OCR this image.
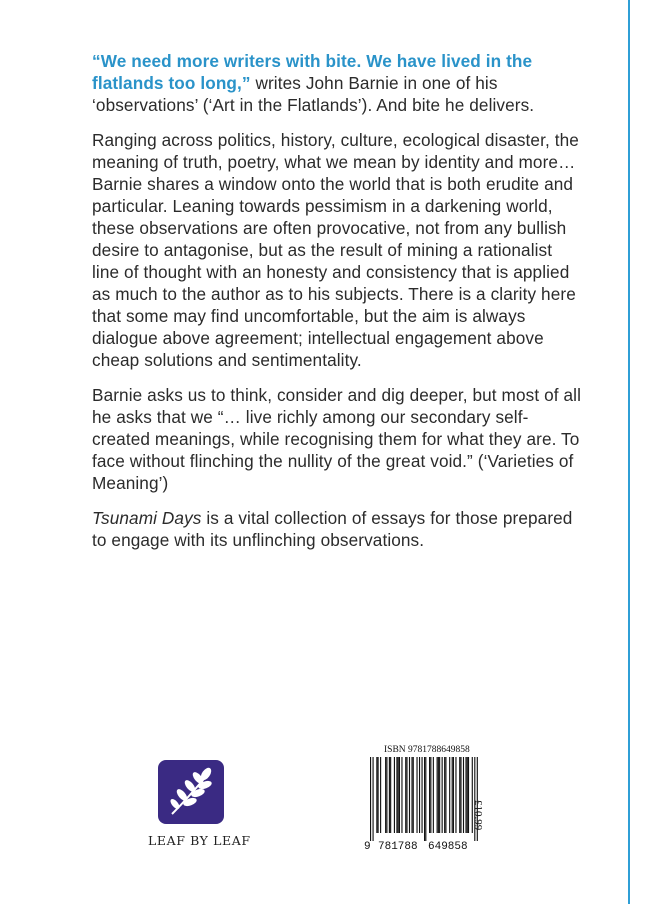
“We need more writers with bite. We have lived in the flatlands too long,” writes John Barnie in one of his ‘observations’ (‘Art in the Flatlands’). And bite he delivers.

Ranging across politics, history, culture, ecological disaster, the meaning of truth, poetry, what we mean by identity and more… Barnie shares a window onto the world that is both erudite and particular. Leaning towards pessimism in a darkening world, these observations are often provocative, not from any bullish desire to antagonise, but as the result of mining a rationalist line of thought with an honesty and consistency that is applied as much to the author as to his subjects. There is a clarity here that some may find uncomfortable, but the aim is always dialogue above agreement; intellectual engagement above cheap solutions and sentimentality.

Barnie asks us to think, consider and dig deeper, but most of all he asks that we “… live richly among our secondary self-created meanings, while recognising them for what they are. To face without flinching the nullity of the great void.” (‘Varieties of Meaning’)

Tsunami Days is a vital collection of essays for those prepared to engage with its unflinching observations.

LEAF BY LEAF
ISBN 9781788649858
9 781788 649858
£10.99
